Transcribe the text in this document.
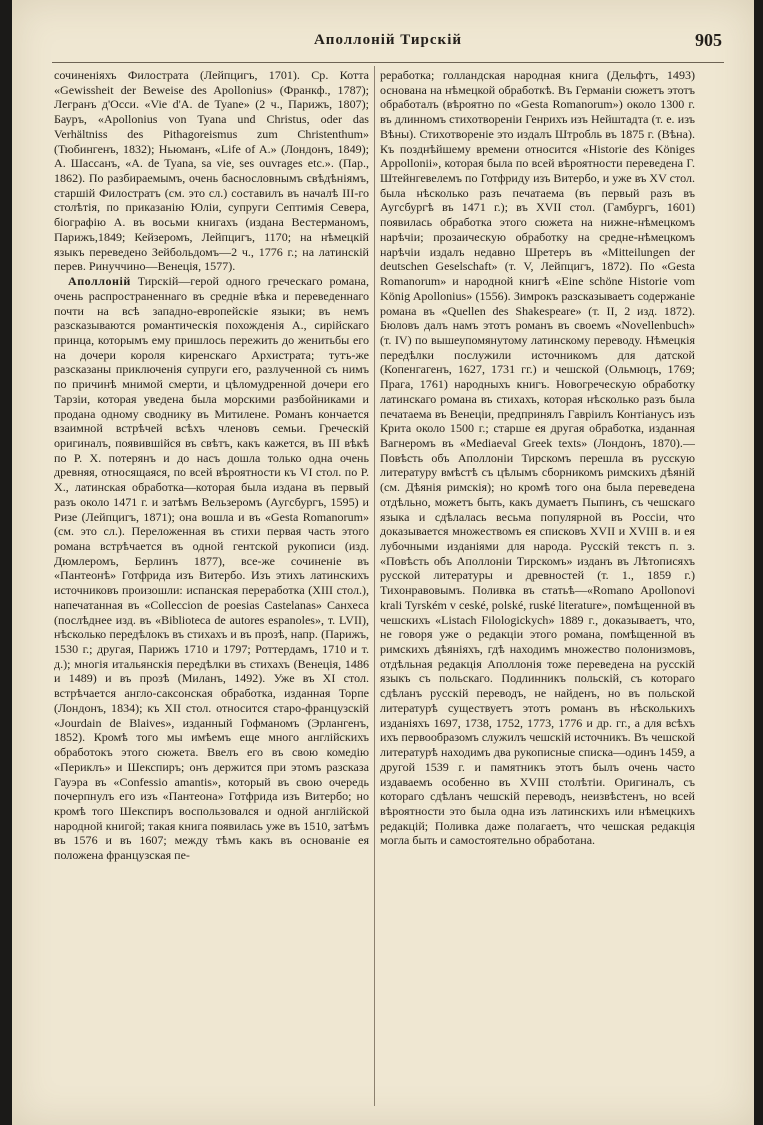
Аполлоній Тирскій	905

сочиненіяхъ Филострата (Лейпцигъ, 1701). Ср. Котта «Gewissheit der Beweise des Apollonius» (Франкф., 1787); Легранъ д'Осси. «Vie d'A. de Tyane» (2 ч., Парижъ, 1807); Бауръ, «Apollonius von Tyana und Christus, oder das Verhältniss des Pithagoreismus zum Christenthum» (Тюбингенъ, 1832); Ньюманъ, «Life of A.» (Лондонъ, 1849); А. Шассанъ, «A. de Tyana, sa vie, ses ouvrages etc.». (Пар., 1862). По разбираемымъ, очень баснословнымъ свѣдѣніямъ, старшій Филостратъ (см. это сл.) составилъ въ началѣ III-го столѣтія, по приказанію Юліи, супруги Септимія Севера, біографію А. въ восьми книгахъ (издана Вестерманомъ, Парижъ,1849; Кейзеромъ, Лейпцигъ, 1170; на нѣмецкій языкъ переведено Зейбольдомъ—2 ч., 1776 г.; на латинскій перев. Ринуччино—Венеція, 1577).

Аполлоній Тирскій—герой одного греческаго романа, очень распространеннаго въ средніе вѣка и переведеннаго почти на всѣ западно-европейскіе языки; въ немъ разсказываются романтическія похожденія А., сирійскаго принца, которымъ ему пришлось пережить до женитьбы его на дочери короля киренскаго Архистрата; тутъ-же разсказаны приключенія супруги его, разлученной съ нимъ по причинѣ мнимой смерти, и цѣломудренной дочери его Тарзіи, которая уведена была морскими разбойниками и продана одному своднику въ Митилене. Романъ кончается взаимной встрѣчей всѣхъ членовъ семьи. Греческій оригиналъ, появившійся въ свѣтъ, какъ кажется, въ III вѣкѣ по Р. Х. потерянъ и до насъ дошла только одна очень древняя, относящаяся, по всей вѣроятности къ VI стол. по Р. Х., латинская обработка—которая была издана въ первый разъ около 1471 г. и затѣмъ Вельзеромъ (Аугсбургъ, 1595) и Ризе (Лейпцигъ, 1871); она вошла и въ «Gesta Romanorum» (см. это сл.). Переложенная въ стихи первая часть этого романа встрѣчается въ одной гентской рукописи (изд. Дюмлеромъ, Берлинъ 1877), все-же сочиненіе въ «Пантеонѣ» Готфрида изъ Витербо. Изъ этихъ латинскихъ источниковъ произошли: испанская переработка (XIII стол.), напечатанная въ «Colleccion de poesias Castelanas» Санхеса (послѣднее изд. въ «Biblioteca de autores espanoles», т. LVII), нѣсколько передѣлокъ въ стихахъ и въ прозѣ, напр. (Парижъ, 1530 г.; другая, Парижъ 1710 и 1797; Роттердамъ, 1710 и т. д.); многія итальянскія передѣлки въ стихахъ (Венеція, 1486 и 1489) и въ прозѣ (Миланъ, 1492). Уже въ XI стол. встрѣчается англо-саксонская обработка, изданная Торпе (Лондонъ, 1834); къ XII стол. относится старо-французскій «Jourdain de Blaives», изданный Гофманомъ (Эрлангенъ, 1852). Кромѣ того мы имѣемъ еще много англійскихъ обработокъ этого сюжета. Ввелъ его въ свою комедію «Периклъ» и Шекспиръ; онъ держится при этомъ разсказа Гауэра въ «Confessio amantis», который въ свою очередь почерпнулъ его изъ «Пантеона» Готфрида изъ Витербо; но кромѣ того Шекспиръ воспользовался и одной англійской народной книгой; такая книга появилась уже въ 1510, затѣмъ въ 1576 и въ 1607; между тѣмъ какъ въ основаніе ея положена французская пе-

реработка; голландская народная книга (Дельфтъ, 1493) основана на нѣмецкой обработкѣ. Въ Германіи сюжетъ этотъ обработалъ (вѣроятно по «Gesta Romanorum») около 1300 г. въ длинномъ стихотвореніи Генрихъ изъ Нейштадта (т. е. изъ Вѣны). Стихотвореніе это издалъ Штробль въ 1875 г. (Вѣна). Къ позднѣйшему времени относится «Historie des Königes Appollonii», которая была по всей вѣроятности переведена Г. Штейнгевелемъ по Готфриду изъ Витербо, и уже въ XV стол. была нѣсколько разъ печатаема (въ первый разъ въ Аугсбургѣ въ 1471 г.); въ XVII стол. (Гамбургъ, 1601) появилась обработка этого сюжета на нижне-нѣмецкомъ нарѣчіи; прозаическую обработку на средне-нѣмецкомъ нарѣчіи издалъ недавно Шретеръ въ «Mitteilungen der deutschen Geselschaft» (т. V, Лейпцигъ, 1872). По «Gesta Romanorum» и народной книгѣ «Eine schöne Historie vom König Apollonius» (1556). Зимрокъ разсказываетъ содержаніе романа въ «Quellen des Shakespeare» (т. II, 2 изд. 1872). Бюловъ далъ намъ этотъ романъ въ своемъ «Novellenbuch» (т. IV) по вышеупомянутому латинскому переводу. Нѣмецкія передѣлки послужили источникомъ для датской (Копенгагенъ, 1627, 1731 гг.) и чешской (Ольмюцъ, 1769; Прага, 1761) народныхъ книгъ. Новогреческую обработку латинскаго романа въ стихахъ, которая нѣсколько разъ была печатаема въ Венеціи, предпринялъ Гавріилъ Контіанусъ изъ Крита около 1500 г.; старше ея другая обработка, изданная Вагнеромъ въ «Mediaeval Greek texts» (Лондонъ, 1870).—Повѣсть объ Аполлоніи Тирскомъ перешла въ русскую литературу вмѣстѣ съ цѣлымъ сборникомъ римскихъ дѣяній (см. Дѣянія римскія); но кромѣ того она была переведена отдѣльно, можетъ быть, какъ думаетъ Пыпинъ, съ чешскаго языка и сдѣлалась весьма популярной въ Россіи, что доказывается множествомъ ея списковъ XVII и XVIII в. и ея лубочными изданіями для народа. Русскій текстъ п. з. «Повѣсть объ Аполлоніи Тирскомъ» изданъ въ Лѣтописяхъ русской литературы и древностей (т. 1., 1859 г.) Тихонравовымъ. Поливка въ статьѣ—«Romano Apollonovi krali Tyrském v ceské, polské, ruské literature», помѣщенной въ чешскихъ «Listach Filologickych» 1889 г., доказываетъ, что, не говоря уже о редакціи этого романа, помѣщенной въ римскихъ дѣяніяхъ, гдѣ находимъ множество полонизмовъ, отдѣльная редакція Аполлонія тоже переведена на русскій языкъ съ польскаго. Подлинникъ польскій, съ котораго сдѣланъ русскій переводъ, не найденъ, но въ польской литературѣ существуетъ этотъ романъ въ нѣсколькихъ изданіяхъ 1697, 1738, 1752, 1773, 1776 и др. гг., а для всѣхъ ихъ первообразомъ служилъ чешскій источникъ. Въ чешской литературѣ находимъ два рукописные списка—одинъ 1459, а другой 1539 г. и памятникъ этотъ былъ очень часто издаваемъ особенно въ XVIII столѣтіи. Оригиналъ, съ котораго сдѣланъ чешскій переводъ, неизвѣстенъ, но всей вѣроятности это была одна изъ латинскихъ или нѣмецкихъ редакцій; Поливка даже полагаетъ, что чешская редакція могла быть и самостоятельно обработана.
